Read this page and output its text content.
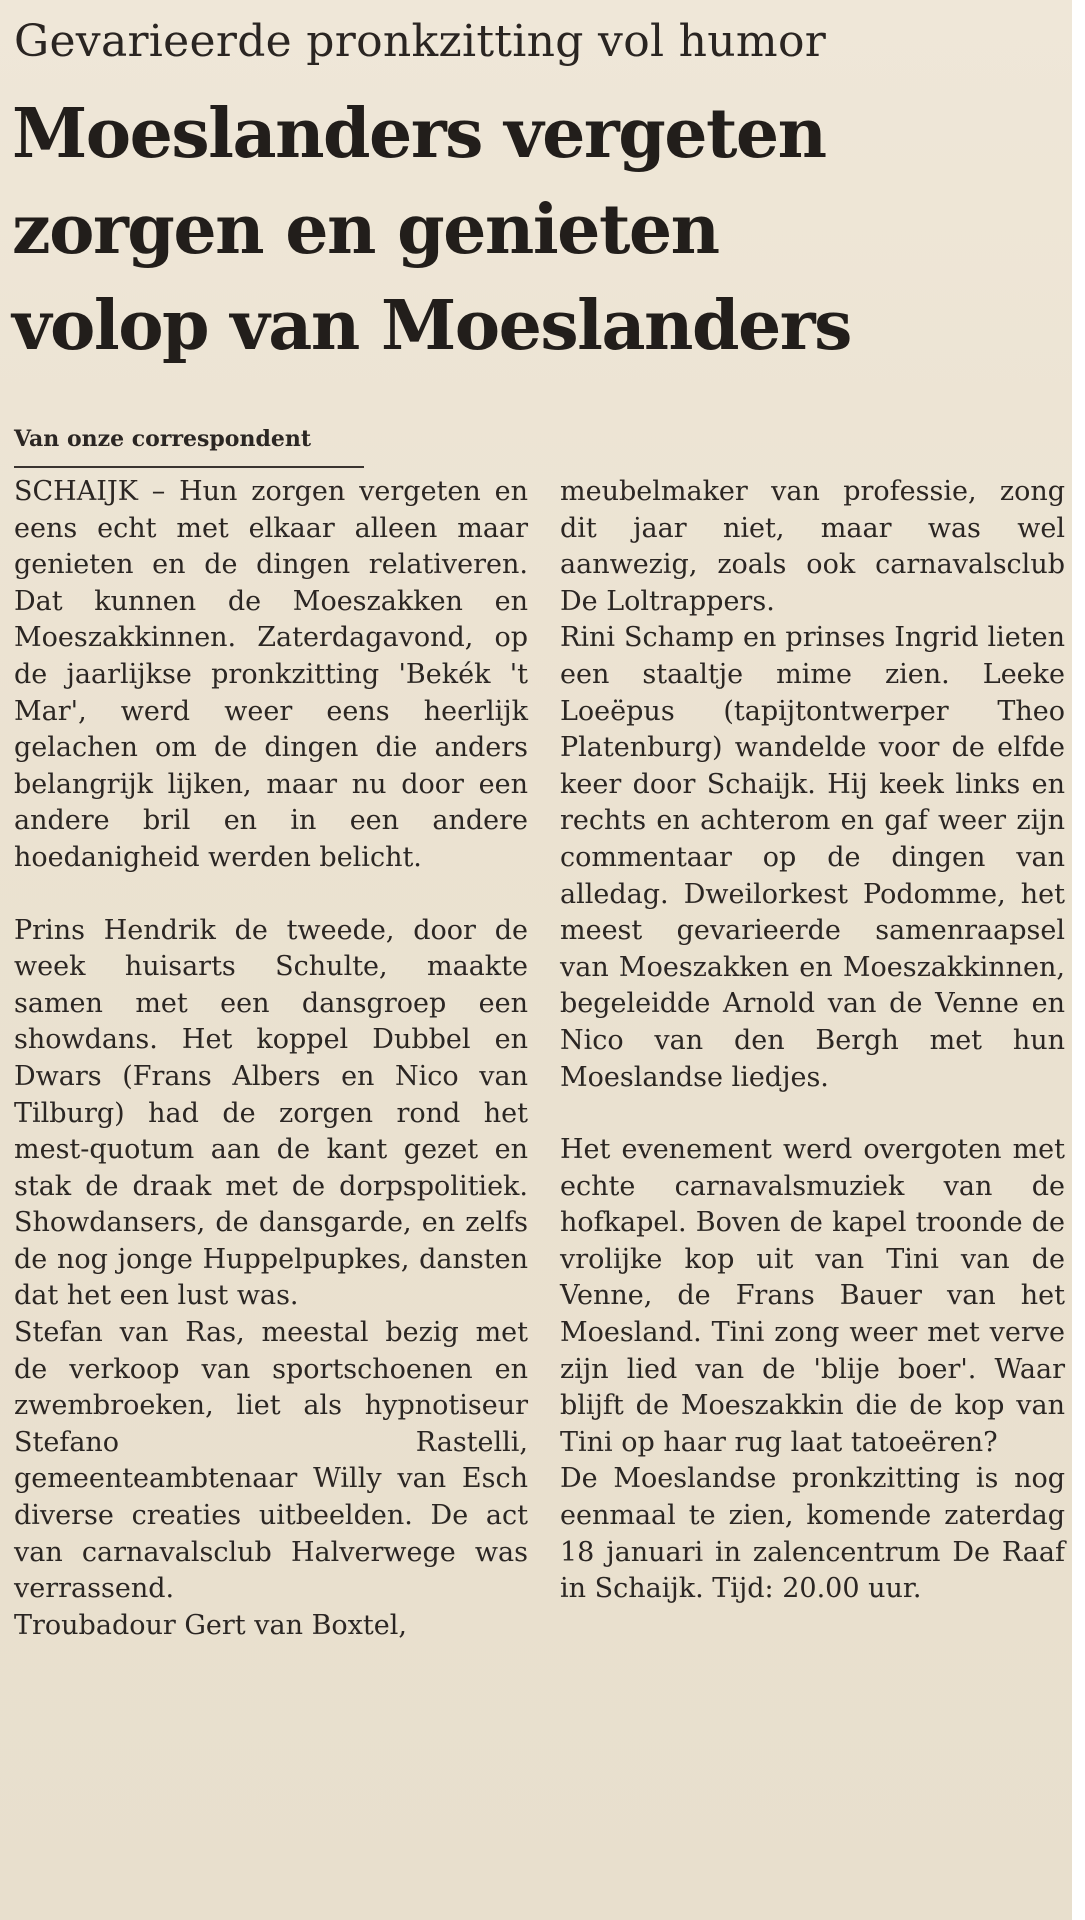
Gevarieerde pronkzitting vol humor
Moeslanders vergeten
zorgen en genieten
volop van Moeslanders
Van onze correspondent

SCHAIJK – Hun zorgen vergeten en eens echt met elkaar alleen maar genieten en de dingen relativeren. Dat kunnen de Moeszakken en Moeszakkinnen. Zaterdagavond, op de jaarlijkse pronkzitting 'Bekék 't Mar', werd weer eens heerlijk gelachen om de dingen die anders belangrijk lijken, maar nu door een andere bril en in een andere hoedanigheid werden belicht.

Prins Hendrik de tweede, door de week huisarts Schulte, maakte samen met een dansgroep een showdans. Het koppel Dubbel en Dwars (Frans Albers en Nico van Tilburg) had de zorgen rond het mest-quotum aan de kant gezet en stak de draak met de dorpspolitiek. Showdansers, de dansgarde, en zelfs de nog jonge Huppelpupkes, dansten dat het een lust was.

Stefan van Ras, meestal bezig met de verkoop van sportschoenen en zwembroeken, liet als hypnotiseur Stefano Rastelli, gemeenteambtenaar Willy van Esch diverse creaties uitbeelden. De act van carnavalsclub Halverwege was verrassend.

Troubadour Gert van Boxtel,

meubelmaker van professie, zong dit jaar niet, maar was wel aanwezig, zoals ook carnavalsclub De Loltrappers.

Rini Schamp en prinses Ingrid lieten een staaltje mime zien. Leeke Loeëpus (tapijtontwerper Theo Platenburg) wandelde voor de elfde keer door Schaijk. Hij keek links en rechts en achterom en gaf weer zijn commentaar op de dingen van alledag. Dweilorkest Podomme, het meest gevarieerde samenraapsel van Moeszakken en Moeszakkinnen, begeleidde Arnold van de Venne en Nico van den Bergh met hun Moeslandse liedjes.

Het evenement werd overgoten met echte carnavalsmuziek van de hofkapel. Boven de kapel troonde de vrolijke kop uit van Tini van de Venne, de Frans Bauer van het Moesland. Tini zong weer met verve zijn lied van de 'blije boer'. Waar blijft de Moeszakkin die de kop van Tini op haar rug laat tatoeëren?

De Moeslandse pronkzitting is nog eenmaal te zien, komende zaterdag 18 januari in zalencentrum De Raaf in Schaijk. Tijd: 20.00 uur.
